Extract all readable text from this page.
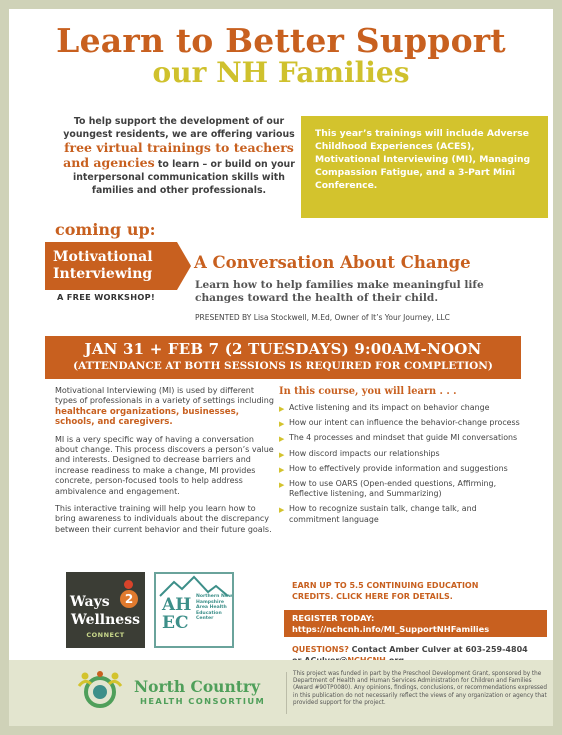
Learn to Better Support
our NH Families
To help support the development of our youngest residents, we are offering various free virtual trainings to teachers and agencies to learn – or build on your interpersonal communication skills with families and other professionals.
This year’s trainings will include Adverse Childhood Experiences (ACES), Motivational Interviewing (MI), Managing Compassion Fatigue, and a 3-Part Mini Conference.
coming up:
Motivational
Interviewing
A FREE WORKSHOP!
A Conversation About Change
Learn how to help families make meaningful life changes toward the health of their child.
PRESENTED BY Lisa Stockwell, M.Ed, Owner of It’s Your Journey, LLC
JAN 31 + FEB 7 (2 TUESDAYS) 9:00AM-NOON
(ATTENDANCE AT BOTH SESSIONS IS REQUIRED FOR COMPLETION)

Motivational Interviewing (MI) is used by different types of professionals in a variety of settings including healthcare organizations, businesses, schools, and caregivers.

MI is a very specific way of having a conversation about change. This process discovers a person’s value and interests. Designed to decrease barriers and increase readiness to make a change, MI provides concrete, person-focused tools to help address ambivalence and engagement.

This interactive training will help you learn how to bring awareness to individuals about the discrepancy between their current behavior and their future goals.

In this course, you will learn . . .
▶ Active listening and its impact on behavior change
▶ How our intent can influence the behavior-change process
▶ The 4 processes and mindset that guide MI conversations
▶ How discord impacts our relationships
▶ How to effectively provide information and suggestions
▶ How to use OARS (Open-ended questions, Affirming, Reflective listening, and Summarizing)
▶ How to recognize sustain talk, change talk, and commitment language
EARN UP TO 5.5 CONTINUING EDUCATION
CREDITS. CLICK HERE FOR DETAILS.
REGISTER TODAY:
https://nchcnh.info/MI_SupportNHFamilies
QUESTIONS? Contact Amber Culver at 603-259-4804

Ways	2
Wellness
CONNECT
AH
EC
Northern New Hampshire Area Health Education Center
North Country
HEALTH CONSORTIUM
This project was funded in part by the Preschool Development Grant, sponsored by the Department of Health and Human Services Administration for Children and Families (Award #90TP0080). Any opinions, findings, conclusions, or recommendations expressed in this publication do not necessarily reflect the views of any organization or agency that provided support for the project.
